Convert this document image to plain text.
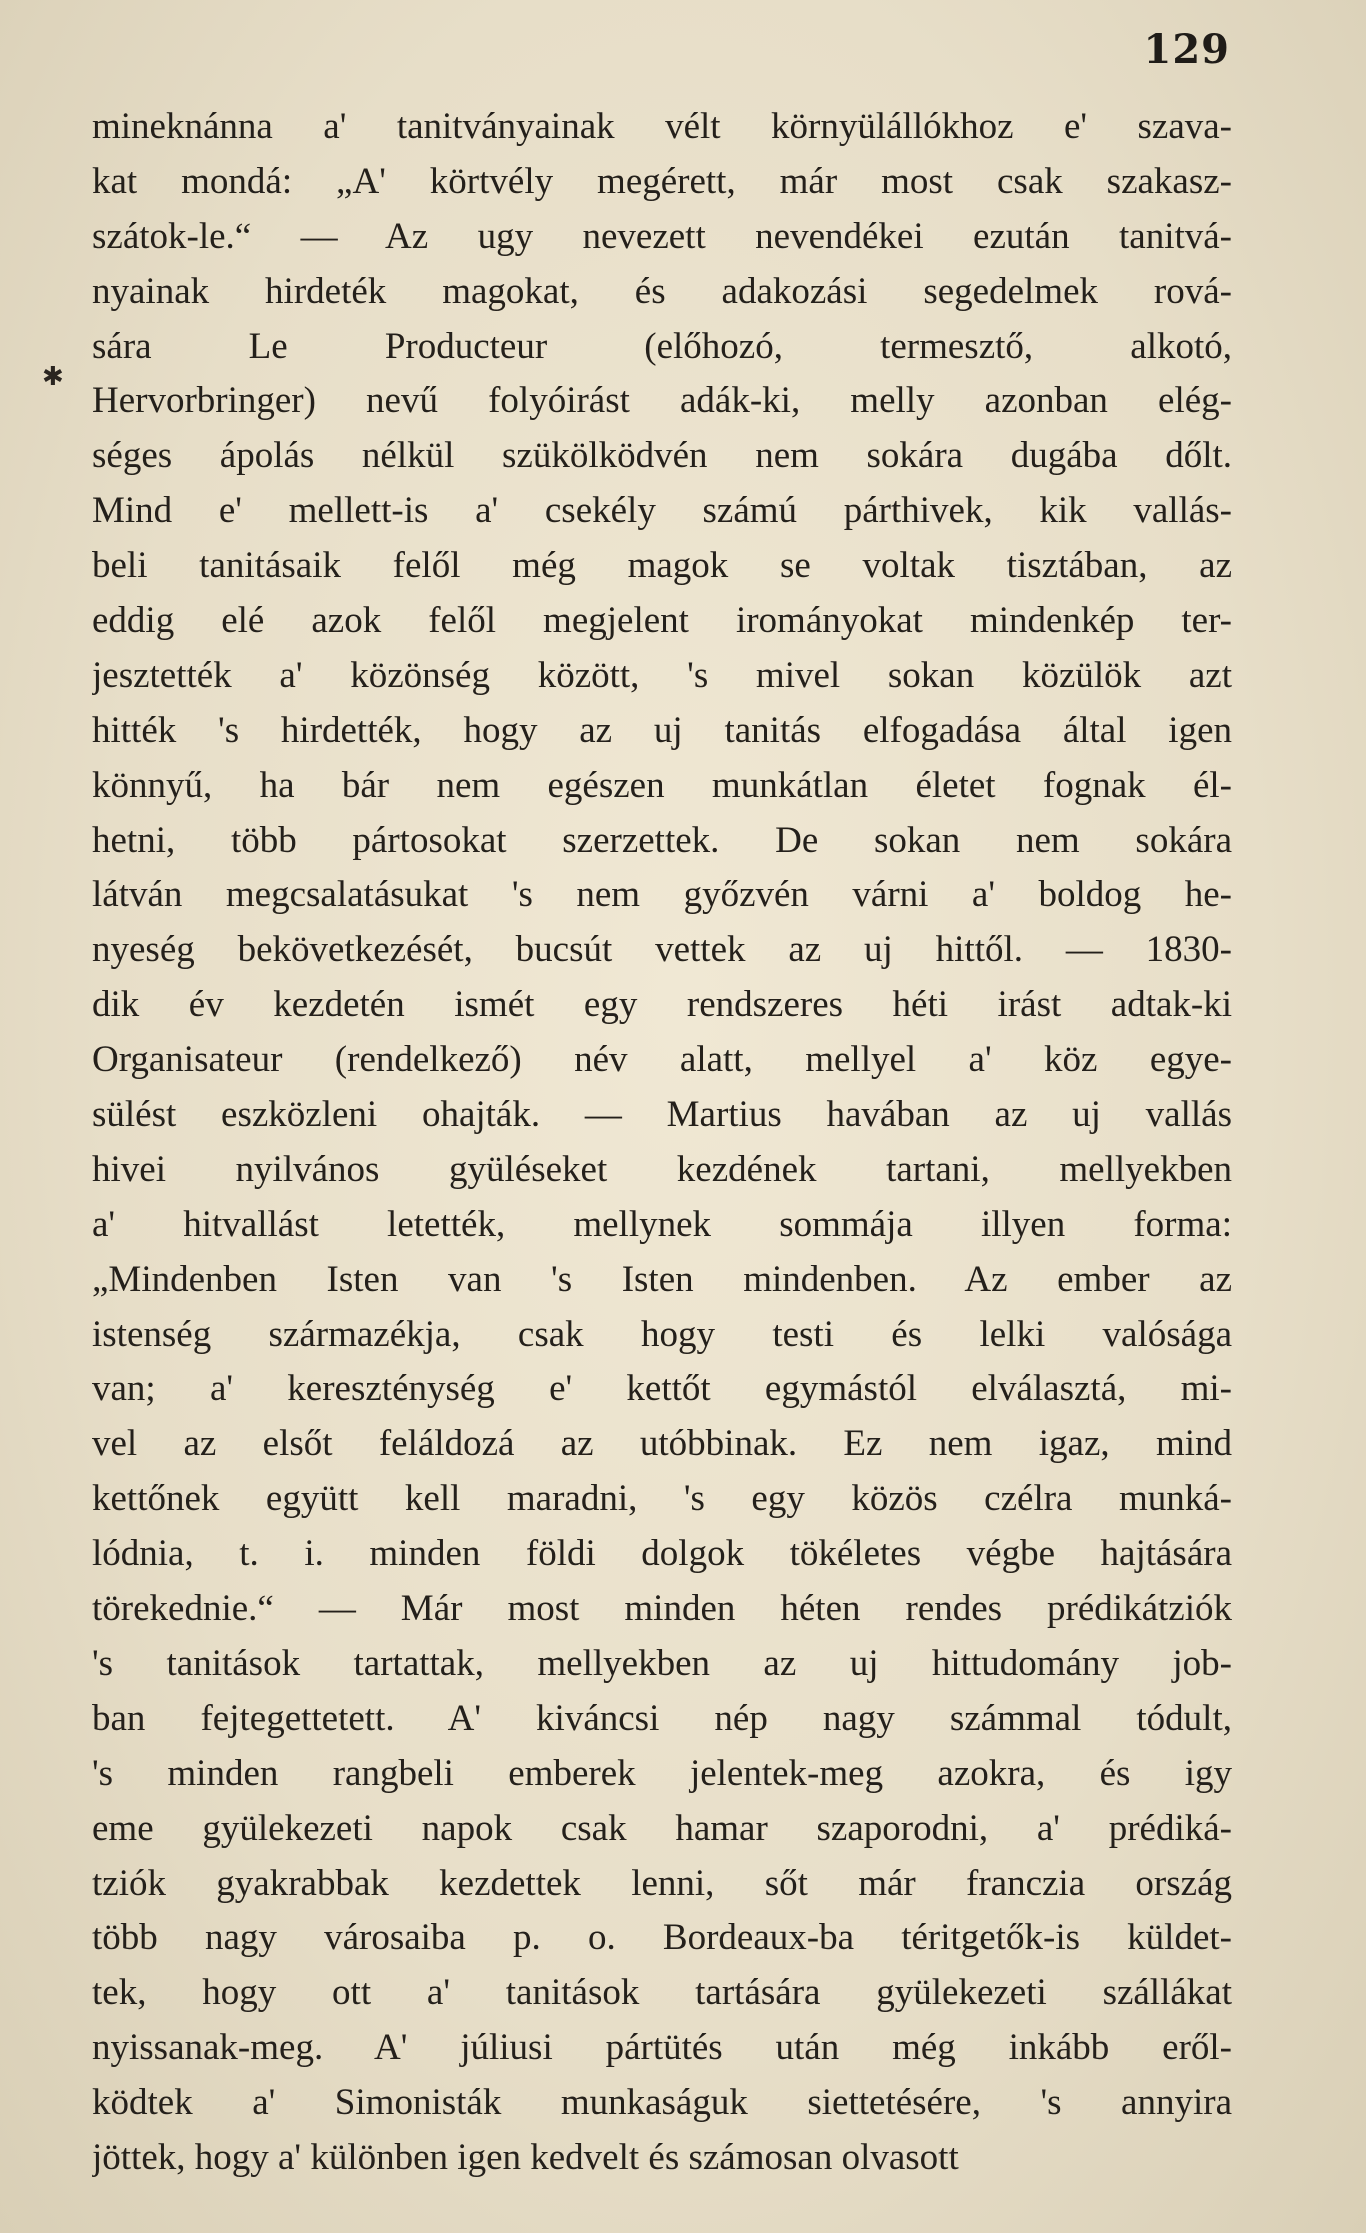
129
✱
mineknánna a' tanitványainak vélt környülállókhoz e' szava-
kat mondá: „A' körtvély megérett, már most csak szakasz-
szátok-le.“ — Az ugy nevezett nevendékei ezután tanitvá-
nyainak hirdeték magokat, és adakozási segedelmek rová-
sára Le Producteur (előhozó, termesztő, alkotó,
Hervorbringer) nevű folyóirást adák-ki, melly azonban elég-
séges ápolás nélkül szükölködvén nem sokára dugába dőlt.
Mind e' mellett-is a' csekély számú párthivek, kik vallás-
beli tanitásaik felől még magok se voltak tisztában, az
eddig elé azok felől megjelent irományokat mindenkép ter-
jesztették a' közönség között, 's mivel sokan közülök azt
hitték 's hirdették, hogy az uj tanitás elfogadása által igen
könnyű, ha bár nem egészen munkátlan életet fognak él-
hetni, több pártosokat szerzettek. De sokan nem sokára
látván megcsalatásukat 's nem győzvén várni a' boldog he-
nyeség bekövetkezését, bucsút vettek az uj hittől. — 1830-
dik év kezdetén ismét egy rendszeres héti irást adtak-ki
Organisateur (rendelkező) név alatt, mellyel a' köz egye-
sülést eszközleni ohajták. — Martius havában az uj vallás
hivei nyilvános gyüléseket kezdének tartani, mellyekben
a' hitvallást letették, mellynek sommája illyen forma:
„Mindenben Isten van 's Isten mindenben. Az ember az
istenség származékja, csak hogy testi és lelki valósága
van; a' kereszténység e' kettőt egymástól elválasztá, mi-
vel az elsőt feláldozá az utóbbinak. Ez nem igaz, mind
kettőnek együtt kell maradni, 's egy közös czélra munká-
lódnia, t. i. minden földi dolgok tökéletes végbe hajtására
törekednie.“ — Már most minden héten rendes prédikátziók
's tanitások tartattak, mellyekben az uj hittudomány job-
ban fejtegettetett. A' kiváncsi nép nagy számmal tódult,
's minden rangbeli emberek jelentek-meg azokra, és igy
eme gyülekezeti napok csak hamar szaporodni, a' prédiká-
tziók gyakrabbak kezdettek lenni, sőt már franczia ország
több nagy városaiba p. o. Bordeaux-ba téritgetők-is küldet-
tek, hogy ott a' tanitások tartására gyülekezeti szállákat
nyissanak-meg. A' júliusi pártütés után még inkább eről-
ködtek a' Simonisták munkaságuk siettetésére, 's annyira
jöttek, hogy a' különben igen kedvelt és számosan olvasott
